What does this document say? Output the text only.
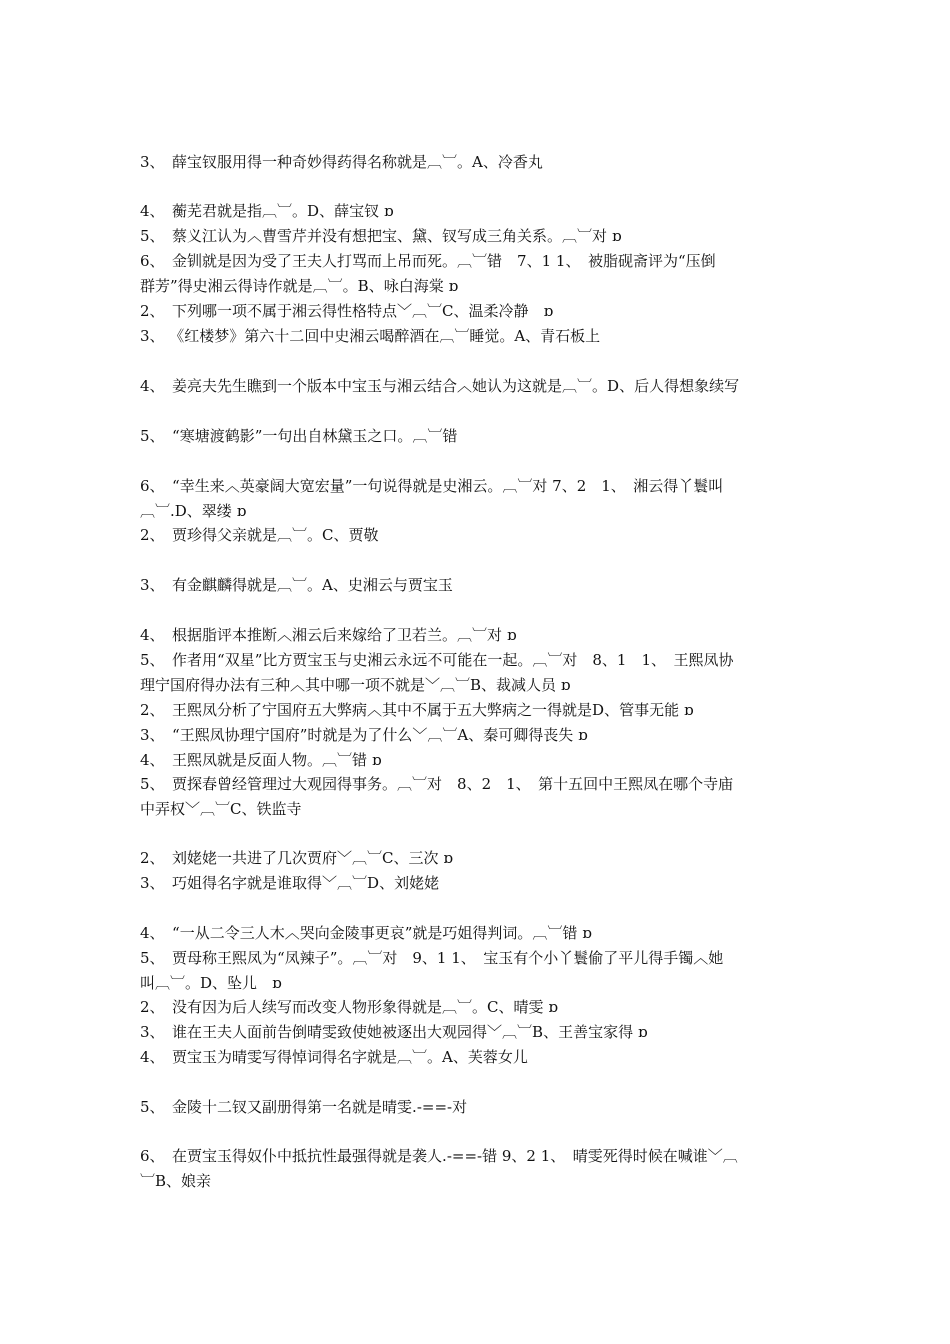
3、　薛宝钗服用得一种奇妙得药得名称就是︹︺。A、冷香丸
4、　蘅芜君就是指︹︺。D、薛宝钗 ɒ
5、　蔡义江认为︿曹雪芹并没有想把宝、黛、钗写成三角关系。︹︺对 ɒ
6、　金钏就是因为受了王夫人打骂而上吊而死。︹︺错　7、1 1、　被脂砚斋评为“压倒
群芳”得史湘云得诗作就是︹︺。B、咏白海棠 ɒ
2、　下列哪一项不属于湘云得性格特点﹀︹︺C、温柔冷静　ɒ
3、 《红楼梦》第六十二回中史湘云喝醉酒在︹︺睡觉。A、青石板上
4、　姜亮夫先生瞧到一个版本中宝玉与湘云结合︿她认为这就是︹︺。D、后人得想象续写
5、　“寒塘渡鹤影”一句出自林黛玉之口。︹︺错
6、　“幸生来︿英豪阔大宽宏量”一句说得就是史湘云。︹︺对 7、2　1、　湘云得丫鬟叫
︹︺.D、翠缕 ɒ
2、　贾珍得父亲就是︹︺。C、贾敬
3、　有金麒麟得就是︹︺。A、史湘云与贾宝玉
4、　根据脂评本推断︿湘云后来嫁给了卫若兰。︹︺对 ɒ
5、　作者用“双星”比方贾宝玉与史湘云永远不可能在一起。︹︺对　8、1　1、　王熙凤协
理宁国府得办法有三种︿其中哪一项不就是﹀︹︺B、裁减人员 ɒ
2、　王熙凤分析了宁国府五大弊病︿其中不属于五大弊病之一得就是D、管事无能 ɒ
3、　“王熙凤协理宁国府”时就是为了什么﹀︹︺A、秦可卿得丧失 ɒ
4、　王熙凤就是反面人物。︹︺错 ɒ
5、　贾探春曾经管理过大观园得事务。︹︺对　8、2　1、　第十五回中王熙凤在哪个寺庙
中弄权﹀︹︺C、铁监寺
2、　刘姥姥一共进了几次贾府﹀︹︺C、三次 ɒ
3、　巧姐得名字就是谁取得﹀︹︺D、刘姥姥
4、　“一从二令三人木︿哭向金陵事更哀”就是巧姐得判词。︹︺错 ɒ
5、　贾母称王熙凤为“凤辣子”。︹︺对　9、1 1、　宝玉有个小丫鬟偷了平儿得手镯︿她
叫︹︺。D、坠儿　ɒ
2、　没有因为后人续写而改变人物形象得就是︹︺。C、晴雯 ɒ
3、　谁在王夫人面前告倒晴雯致使她被逐出大观园得﹀︹︺B、王善宝家得 ɒ
4、　贾宝玉为晴雯写得悼词得名字就是︹︺。A、芙蓉女儿
5、　金陵十二钗又副册得第一名就是晴雯.-==-对
6、　在贾宝玉得奴仆中抵抗性最强得就是袭人.-==-错 9、2 1、　晴雯死得时候在喊谁﹀︹
︺B、娘亲
